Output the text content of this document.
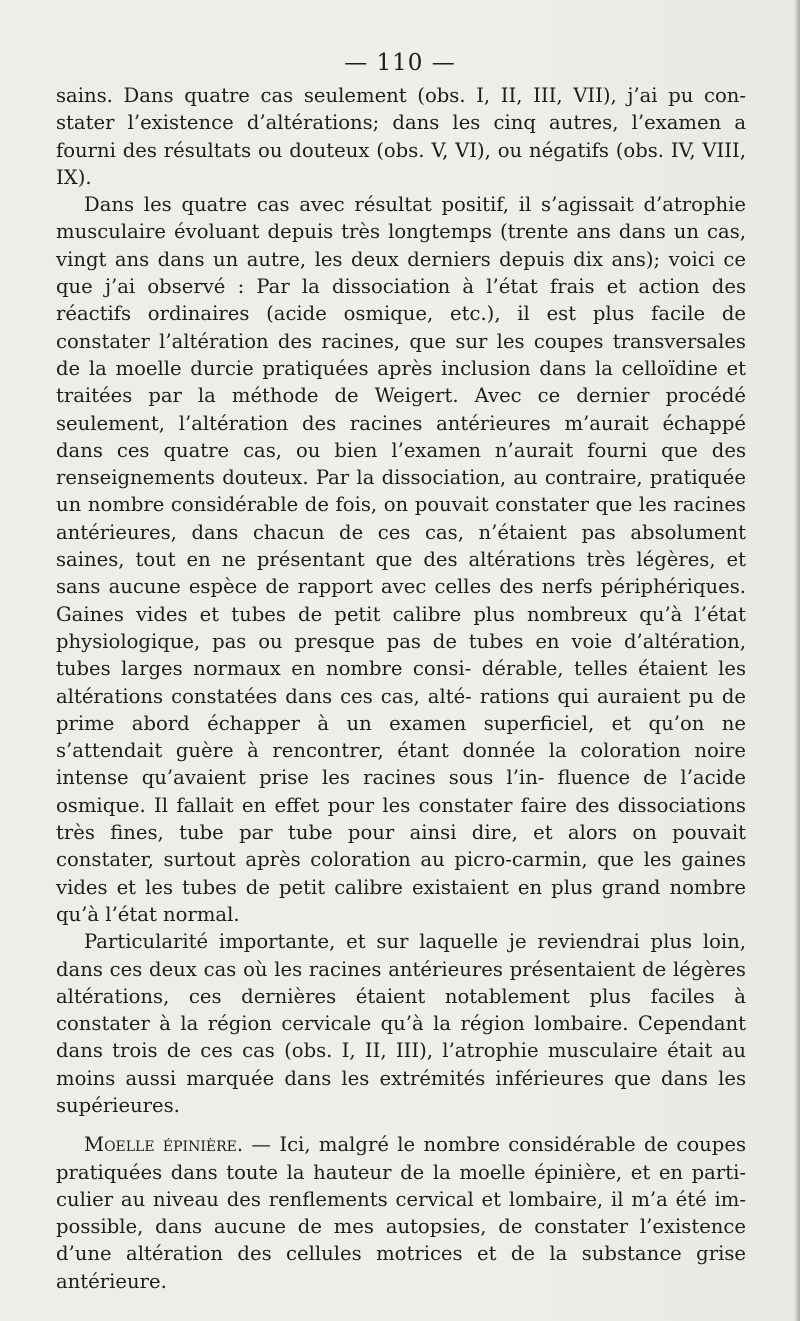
— 110 —

sains. Dans quatre cas seulement (obs. I, II, III, VII), j’ai pu con- stater l’existence d’altérations; dans les cinq autres, l’examen a fourni des résultats ou douteux (obs. V, VI), ou négatifs (obs. IV, VIII, IX).

Dans les quatre cas avec résultat positif, il s’agissait d’atrophie musculaire évoluant depuis très longtemps (trente ans dans un cas, vingt ans dans un autre, les deux derniers depuis dix ans); voici ce que j’ai observé : Par la dissociation à l’état frais et action des réactifs ordinaires (acide osmique, etc.), il est plus facile de constater l’altération des racines, que sur les coupes transversales de la moelle durcie pratiquées après inclusion dans la celloïdine et traitées par la méthode de Weigert. Avec ce dernier procédé seulement, l’altération des racines antérieures m’aurait échappé dans ces quatre cas, ou bien l’examen n’aurait fourni que des renseignements douteux. Par la dissociation, au contraire, pratiquée un nombre considérable de fois, on pouvait constater que les racines antérieures, dans chacun de ces cas, n’étaient pas absolument saines, tout en ne présentant que des altérations très légères, et sans aucune espèce de rapport avec celles des nerfs périphériques. Gaines vides et tubes de petit calibre plus nombreux qu’à l’état physiologique, pas ou presque pas de tubes en voie d’altération, tubes larges normaux en nombre consi- dérable, telles étaient les altérations constatées dans ces cas, alté- rations qui auraient pu de prime abord échapper à un examen superficiel, et qu’on ne s’attendait guère à rencontrer, étant donnée la coloration noire intense qu’avaient prise les racines sous l’in- fluence de l’acide osmique. Il fallait en effet pour les constater faire des dissociations très fines, tube par tube pour ainsi dire, et alors on pouvait constater, surtout après coloration au picro-carmin, que les gaines vides et les tubes de petit calibre existaient en plus grand nombre qu’à l’état normal.

Particularité importante, et sur laquelle je reviendrai plus loin, dans ces deux cas où les racines antérieures présentaient de légères altérations, ces dernières étaient notablement plus faciles à constater à la région cervicale qu’à la région lombaire. Cependant dans trois de ces cas (obs. I, II, III), l’atrophie musculaire était au moins aussi marquée dans les extrémités inférieures que dans les supérieures.

Moelle épinière. — Ici, malgré le nombre considérable de coupes pratiquées dans toute la hauteur de la moelle épinière, et en parti- culier au niveau des renflements cervical et lombaire, il m’a été im- possible, dans aucune de mes autopsies, de constater l’existence d’une altération des cellules motrices et de la substance grise antérieure.
